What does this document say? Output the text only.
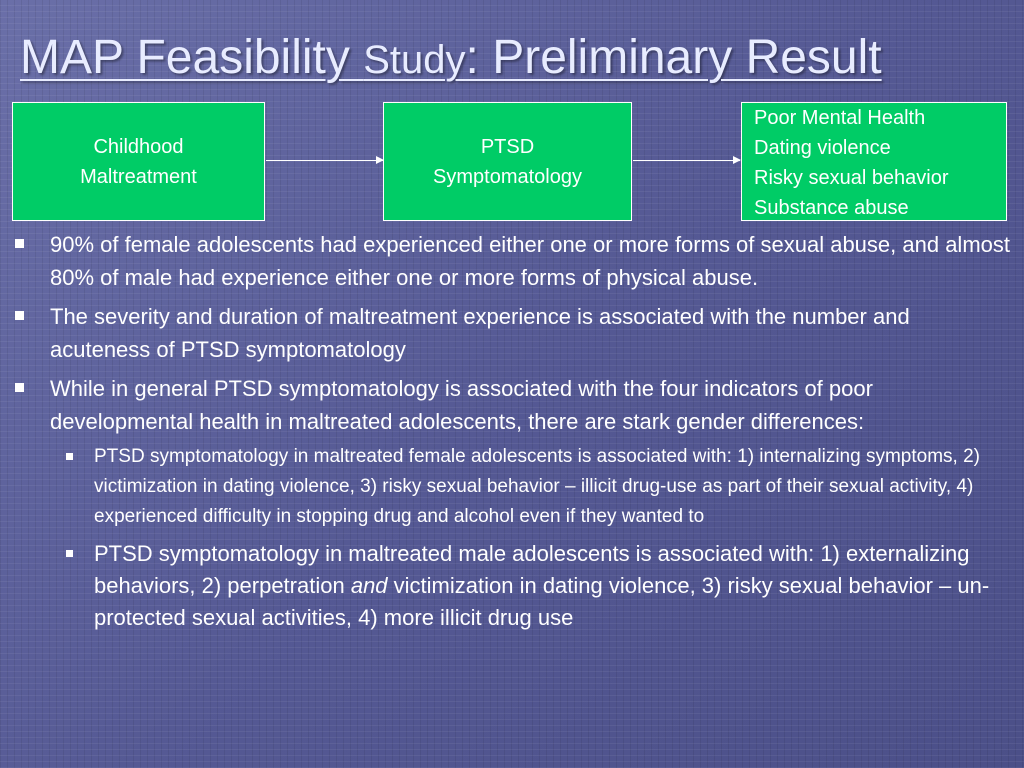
MAP Feasibility Study: Preliminary Result
Childhood
Maltreatment
PTSD
Symptomatology
Poor Mental Health
Dating violence
Risky sexual behavior
Substance abuse
90% of female adolescents had experienced either one or more forms of sexual abuse, and almost 80% of male had experience either one or more forms of physical abuse.
The severity and duration of maltreatment experience is associated with the number and acuteness of PTSD symptomatology
While in general PTSD symptomatology is associated with the four indicators of poor developmental health in maltreated adolescents, there are stark gender differences:
PTSD symptomatology in maltreated female adolescents is associated with: 1) internalizing symptoms, 2) victimization in dating violence, 3) risky sexual behavior – illicit drug-use as part of their sexual activity, 4) experienced difficulty in stopping drug and alcohol even if they wanted to
PTSD symptomatology in maltreated male adolescents is associated with: 1) externalizing behaviors, 2) perpetration and victimization in dating violence, 3) risky sexual behavior – un-protected sexual activities, 4) more illicit drug use
